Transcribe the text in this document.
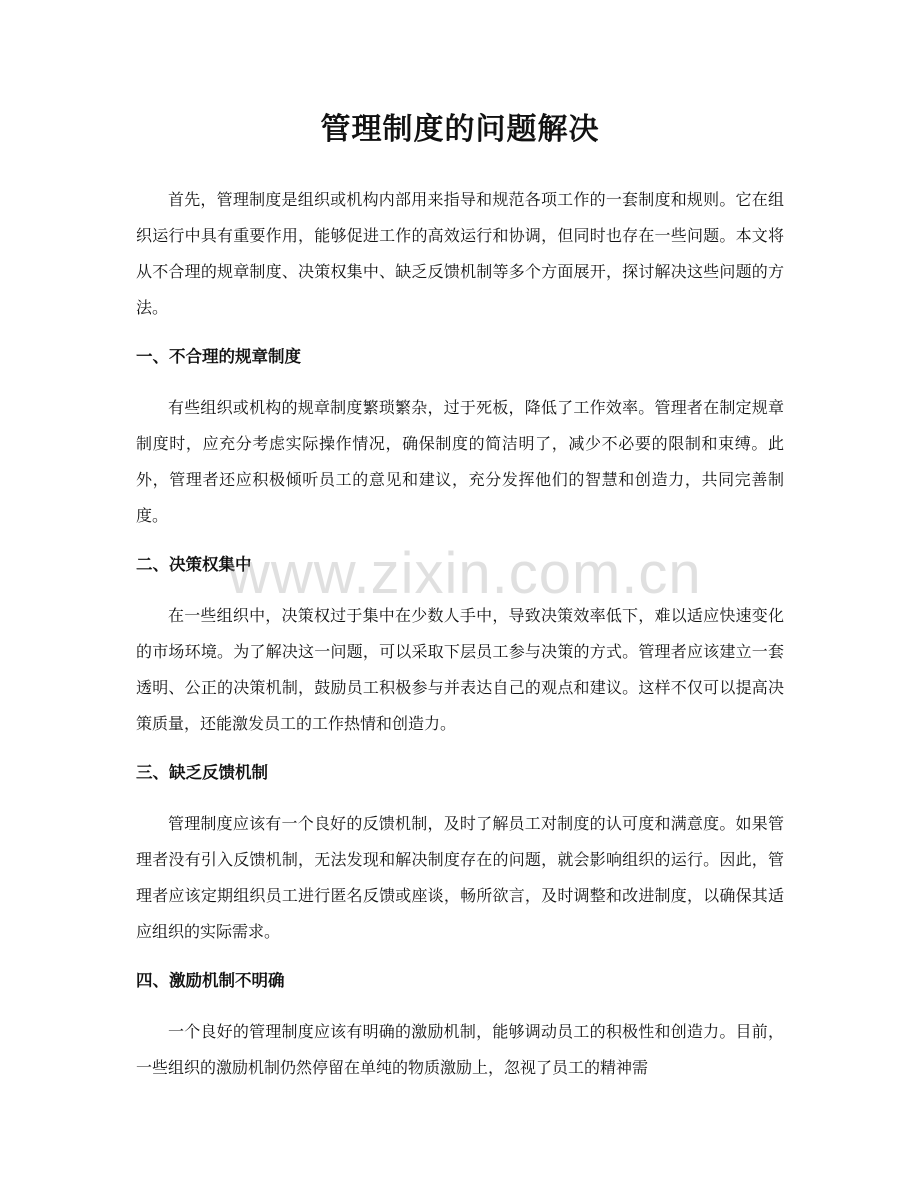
管理制度的问题解决

首先，管理制度是组织或机构内部用来指导和规范各项工作的一套制度和规则。它在组织运行中具有重要作用，能够促进工作的高效运行和协调，但同时也存在一些问题。本文将从不合理的规章制度、决策权集中、缺乏反馈机制等多个方面展开，探讨解决这些问题的方法。

一、不合理的规章制度

有些组织或机构的规章制度繁琐繁杂，过于死板，降低了工作效率。管理者在制定规章制度时，应充分考虑实际操作情况，确保制度的简洁明了，减少不必要的限制和束缚。此外，管理者还应积极倾听员工的意见和建议，充分发挥他们的智慧和创造力，共同完善制度。

二、决策权集中

在一些组织中，决策权过于集中在少数人手中，导致决策效率低下，难以适应快速变化的市场环境。为了解决这一问题，可以采取下层员工参与决策的方式。管理者应该建立一套透明、公正的决策机制，鼓励员工积极参与并表达自己的观点和建议。这样不仅可以提高决策质量，还能激发员工的工作热情和创造力。

三、缺乏反馈机制

管理制度应该有一个良好的反馈机制，及时了解员工对制度的认可度和满意度。如果管理者没有引入反馈机制，无法发现和解决制度存在的问题，就会影响组织的运行。因此，管理者应该定期组织员工进行匿名反馈或座谈，畅所欲言，及时调整和改进制度，以确保其适应组织的实际需求。

四、激励机制不明确

一个良好的管理制度应该有明确的激励机制，能够调动员工的积极性和创造力。目前，一些组织的激励机制仍然停留在单纯的物质激励上，忽视了员工的精神需

www.zixin.com.cn
